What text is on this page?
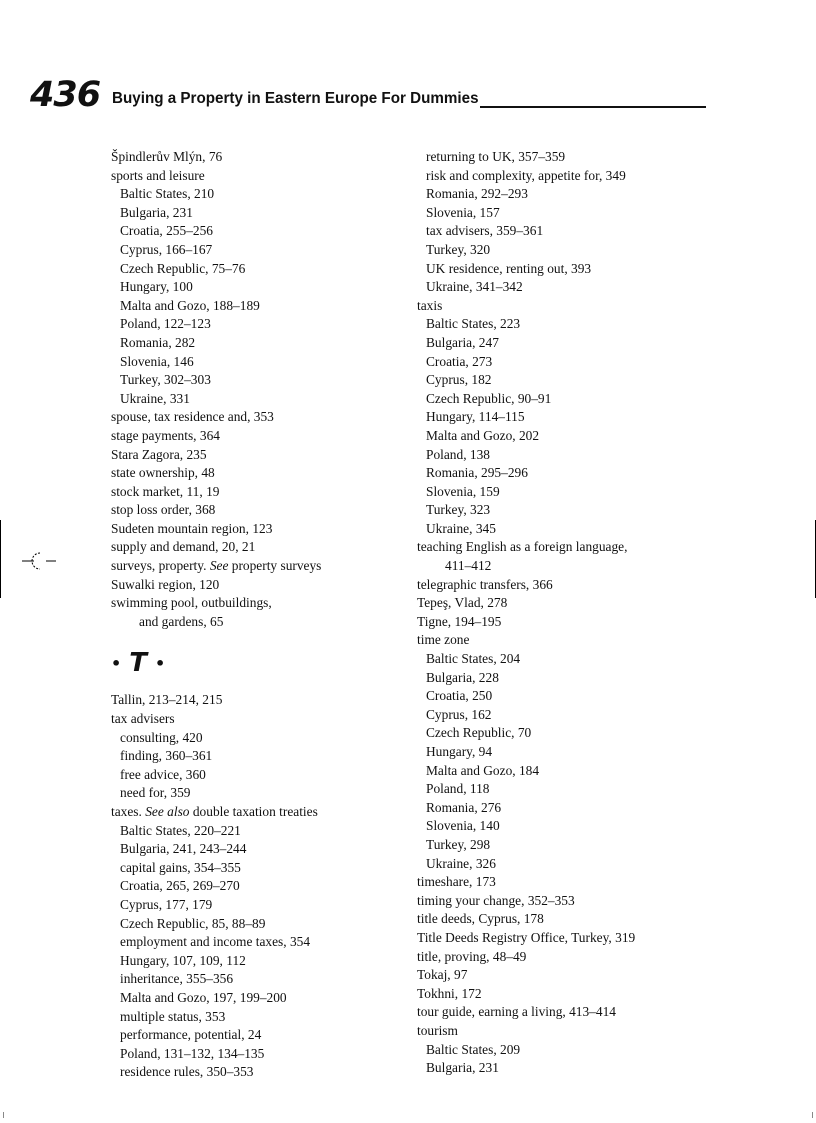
436 Buying a Property in Eastern Europe For Dummies
Špindlerův Mlýn, 76
sports and leisure
Baltic States, 210
Bulgaria, 231
Croatia, 255–256
Cyprus, 166–167
Czech Republic, 75–76
Hungary, 100
Malta and Gozo, 188–189
Poland, 122–123
Romania, 282
Slovenia, 146
Turkey, 302–303
Ukraine, 331
spouse, tax residence and, 353
stage payments, 364
Stara Zagora, 235
state ownership, 48
stock market, 11, 19
stop loss order, 368
Sudeten mountain region, 123
supply and demand, 20, 21
surveys, property. See property surveys
Suwalki region, 120
swimming pool, outbuildings,
and gardens, 65
• T •
Tallin, 213–214, 215
tax advisers
consulting, 420
finding, 360–361
free advice, 360
need for, 359
taxes. See also double taxation treaties
Baltic States, 220–221
Bulgaria, 241, 243–244
capital gains, 354–355
Croatia, 265, 269–270
Cyprus, 177, 179
Czech Republic, 85, 88–89
employment and income taxes, 354
Hungary, 107, 109, 112
inheritance, 355–356
Malta and Gozo, 197, 199–200
multiple status, 353
performance, potential, 24
Poland, 131–132, 134–135
residence rules, 350–353
returning to UK, 357–359
risk and complexity, appetite for, 349
Romania, 292–293
Slovenia, 157
tax advisers, 359–361
Turkey, 320
UK residence, renting out, 393
Ukraine, 341–342
taxis
Baltic States, 223
Bulgaria, 247
Croatia, 273
Cyprus, 182
Czech Republic, 90–91
Hungary, 114–115
Malta and Gozo, 202
Poland, 138
Romania, 295–296
Slovenia, 159
Turkey, 323
Ukraine, 345
teaching English as a foreign language,
411–412
telegraphic transfers, 366
Tepeş, Vlad, 278
Tigne, 194–195
time zone
Baltic States, 204
Bulgaria, 228
Croatia, 250
Cyprus, 162
Czech Republic, 70
Hungary, 94
Malta and Gozo, 184
Poland, 118
Romania, 276
Slovenia, 140
Turkey, 298
Ukraine, 326
timeshare, 173
timing your change, 352–353
title deeds, Cyprus, 178
Title Deeds Registry Office, Turkey, 319
title, proving, 48–49
Tokaj, 97
Tokhni, 172
tour guide, earning a living, 413–414
tourism
Baltic States, 209
Bulgaria, 231
